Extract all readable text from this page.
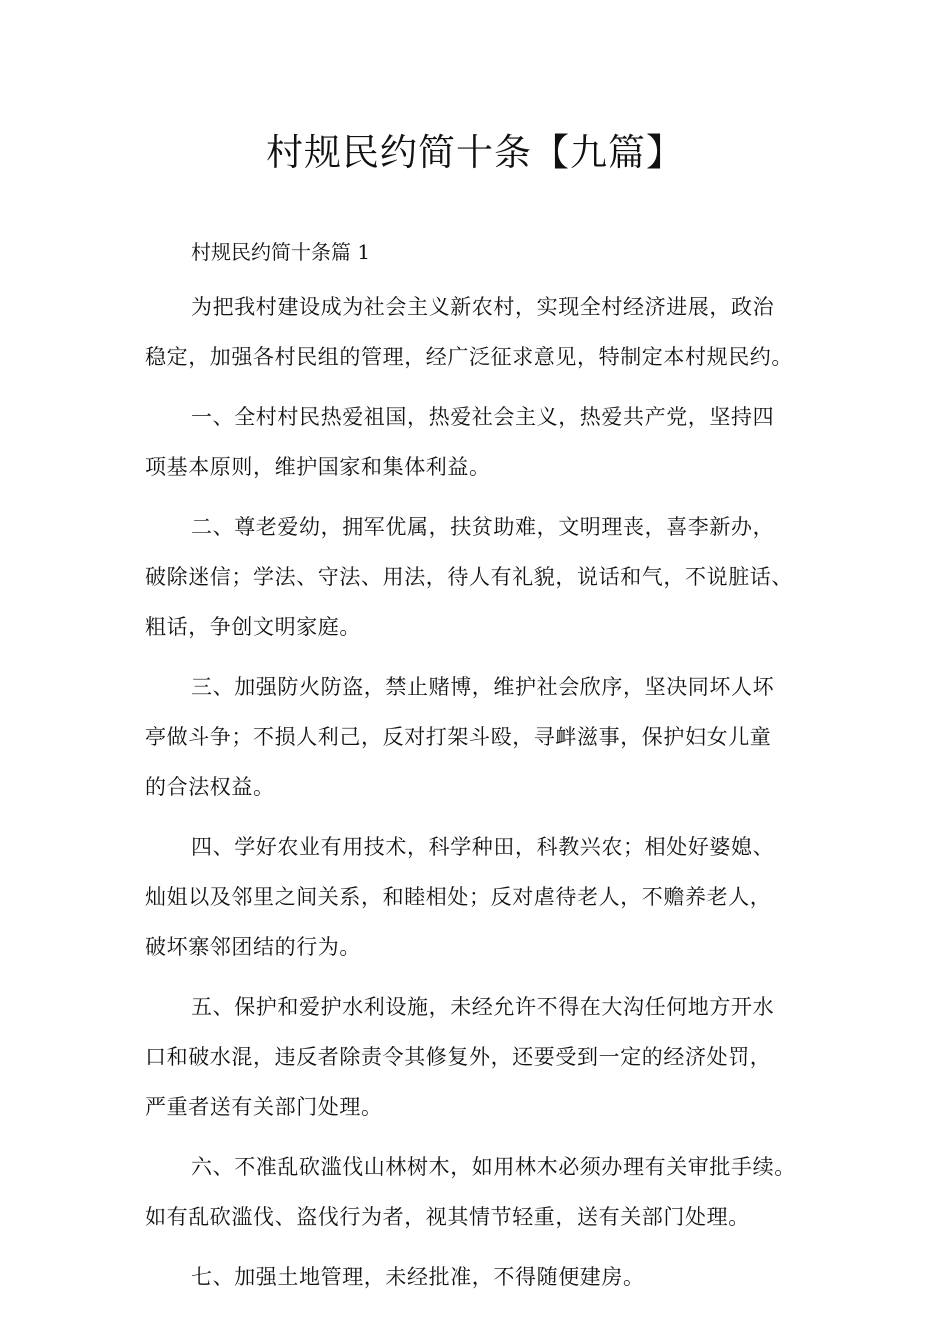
村规民约简十条【九篇】

村规民约简十条篇 1

为把我村建设成为社会主义新农村，实现全村经济进展，政治
稳定，加强各村民组的管理，经广泛征求意见，特制定本村规民约。
一、全村村民热爱祖国，热爱社会主义，热爱共产党，坚持四
项基本原则，维护国家和集体利益。
二、尊老爱幼，拥军优属，扶贫助难，文明理丧，喜李新办，
破除迷信；学法、守法、用法，待人有礼貌，说话和气，不说脏话、
粗话，争创文明家庭。
三、加强防火防盗，禁止赌博，维护社会欣序，坚决同坏人坏
亭做斗争；不损人利己，反对打架斗殴，寻衅滋事，保护妇女儿童
的合法权益。
四、学好农业有用技术，科学种田，科教兴农；相处好婆媳、
灿姐以及邻里之间关系，和睦相处；反对虐待老人，不赡养老人，
破坏寨邻团结的行为。
五、保护和爱护水利设施，未经允许不得在大沟任何地方开水
口和破水混，违反者除责令其修复外，还要受到一定的经济处罚，
严重者送有关部门处理。
六、不准乱砍滥伐山林树木，如用林木必须办理有关审批手续。
如有乱砍滥伐、盗伐行为者，视其情节轻重，送有关部门处理。
七、加强土地管理，未经批准，不得随便建房。
